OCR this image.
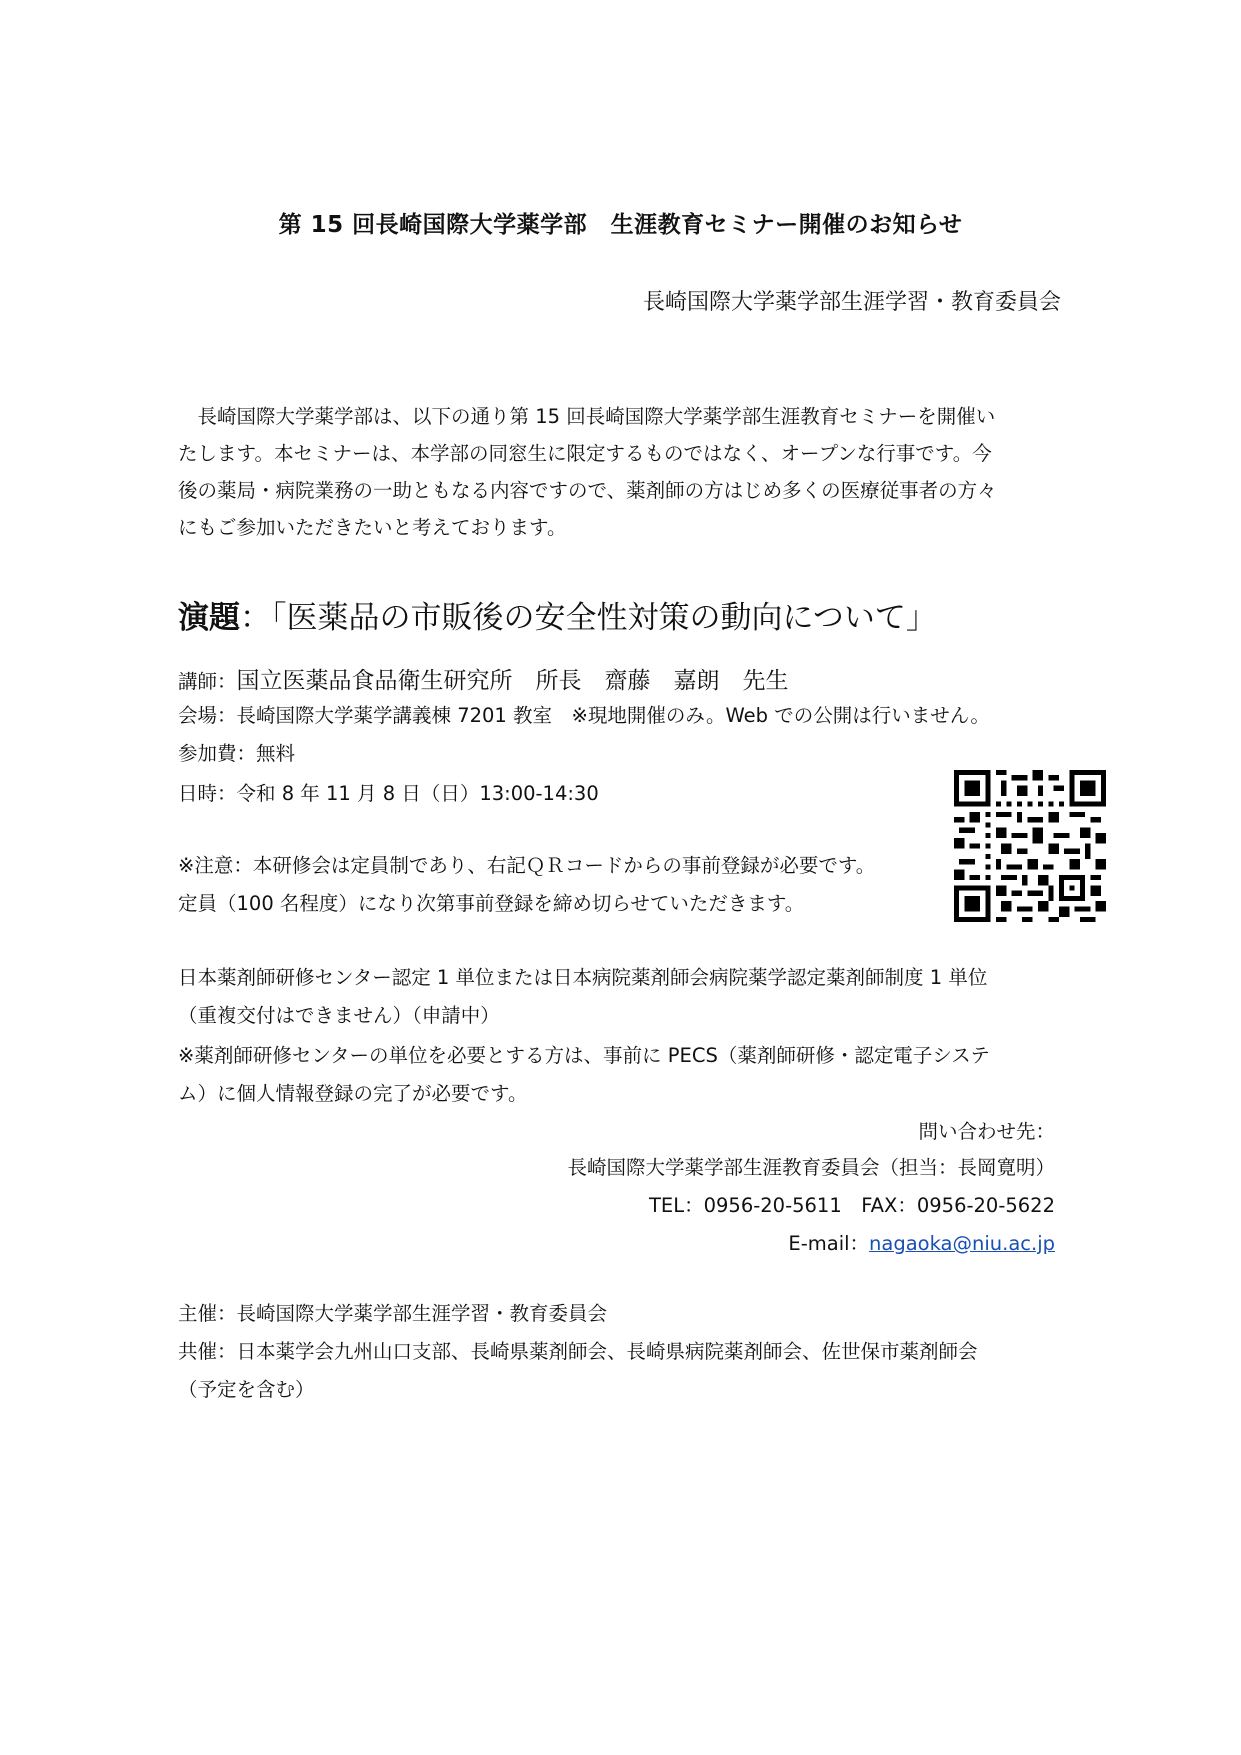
第 15 回長崎国際大学薬学部　生涯教育セミナー開催のお知らせ
長崎国際大学薬学部生涯学習・教育委員会

　長崎国際大学薬学部は、以下の通り第 15 回長崎国際大学薬学部生涯教育セミナーを開催い

たします。本セミナーは、本学部の同窓生に限定するものではなく、オープンな行事です。今

後の薬局・病院業務の一助ともなる内容ですので、薬剤師の方はじめ多くの医療従事者の方々

にもご参加いただきたいと考えております。

演題：「医薬品の市販後の安全性対策の動向について」
講師：国立医薬品食品衛生研究所　所長　齋藤　嘉朗　先生
会場：長崎国際大学薬学講義棟 7201 教室　※現地開催のみ。Web での公開は行いません。
参加費：無料
日時：令和 8 年 11 月 8 日（日）13:00-14:30
※注意：本研修会は定員制であり、右記ＱＲコードからの事前登録が必要です。
定員（100 名程度）になり次第事前登録を締め切らせていただきます。
日本薬剤師研修センター認定 1 単位または日本病院薬剤師会病院薬学認定薬剤師制度 1 単位
（重複交付はできません）（申請中）
※薬剤師研修センターの単位を必要とする方は、事前に PECS（薬剤師研修・認定電子システ
ム）に個人情報登録の完了が必要です。
問い合わせ先：
長崎国際大学薬学部生涯教育委員会（担当：長岡寛明）
TEL：0956-20-5611　FAX：0956-20-5622
E-mail：nagaoka@niu.ac.jp
主催：長崎国際大学薬学部生涯学習・教育委員会
共催：日本薬学会九州山口支部、長崎県薬剤師会、長崎県病院薬剤師会、佐世保市薬剤師会
（予定を含む）
